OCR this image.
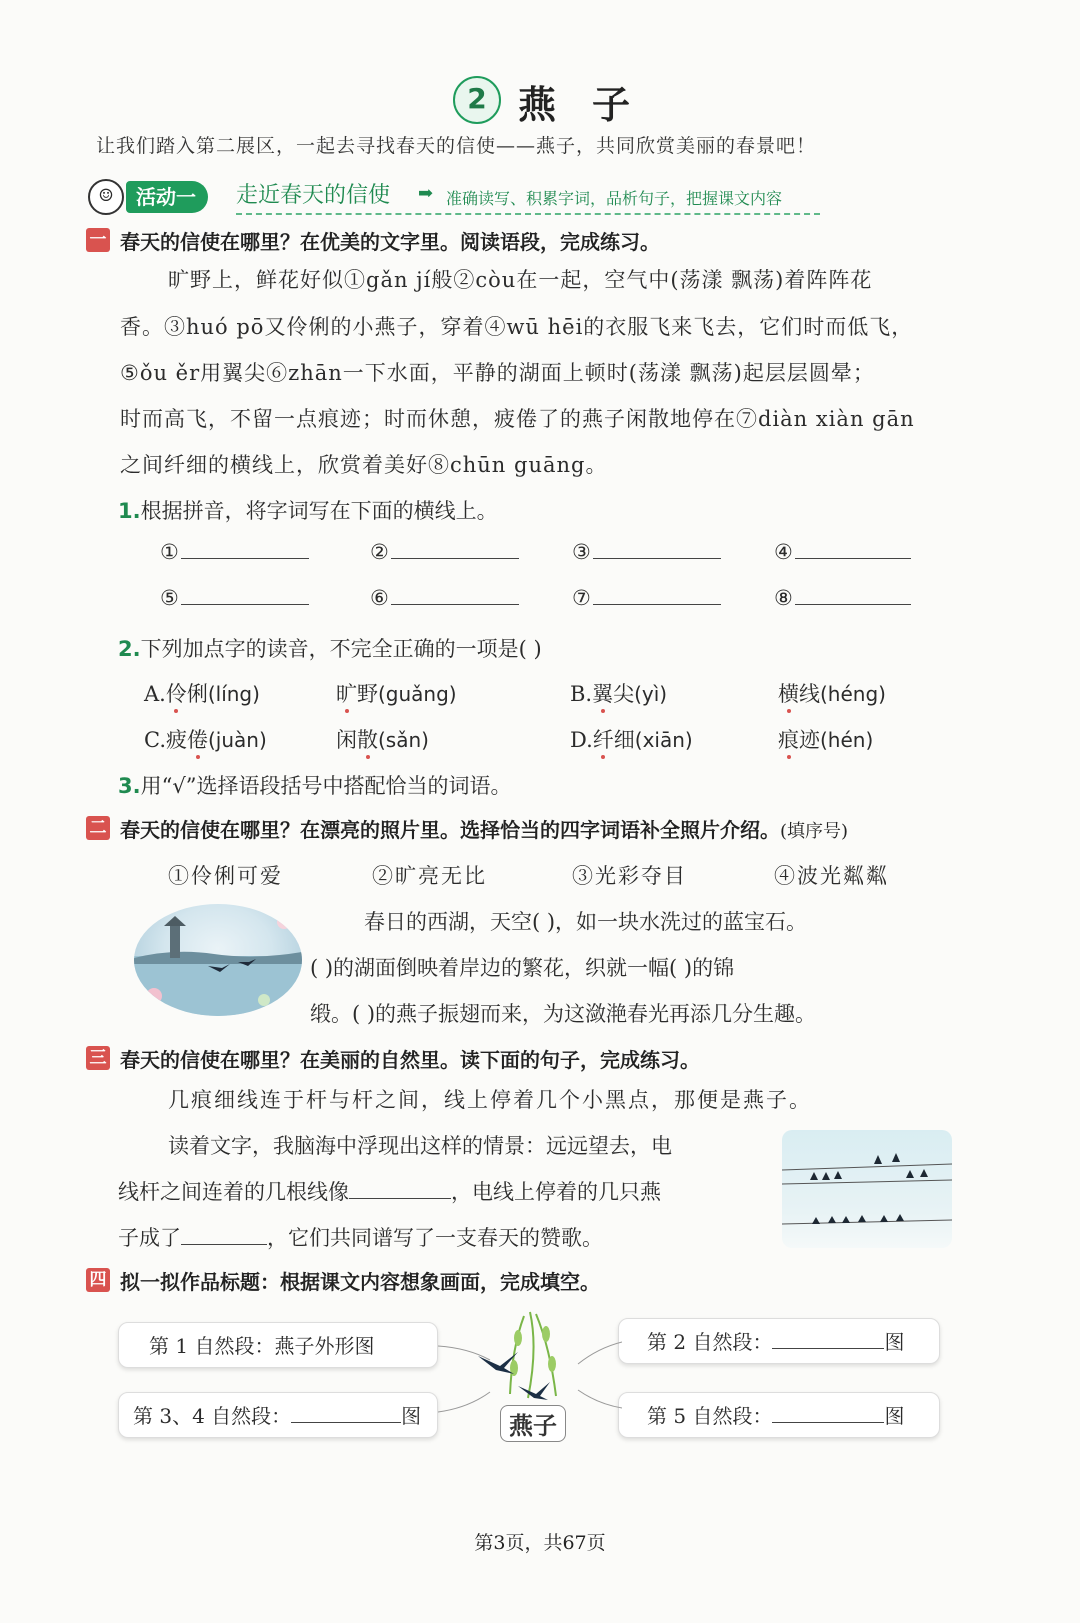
2 燕子
让我们踏入第二展区，一起去寻找春天的信使——燕子，共同欣赏美丽的春景吧！
☺	活动一	走近春天的信使 ➡ 准确读写、积累字词，品析句子，把握课文内容
一 春天的信使在哪里？在优美的文字里。阅读语段，完成练习。
旷野上，鲜花好似①gǎn jí般②còu在一起，空气中(荡漾 飘荡)着阵阵花
香。③huó pō又伶俐的小燕子，穿着④wū hēi的衣服飞来飞去，它们时而低飞，
⑤ǒu ěr用翼尖⑥zhān一下水面，平静的湖面上顿时(荡漾 飘荡)起层层圆晕；
时而高飞，不留一点痕迹；时而休憩，疲倦了的燕子闲散地停在⑦diàn xiàn gān
之间纤细的横线上，欣赏着美好⑧chūn guāng。
1.根据拼音，将字词写在下面的横线上。
①	②	③	④
⑤	⑥	⑦	⑧
2.下列加点字的读音，不完全正确的一项是( )
A.伶俐(líng)	旷野(guǎng)	B.翼尖(yì)	横线(héng)
C.疲倦(juàn)	闲散(sǎn)	D.纤细(xiān)	痕迹(hén)
3.用“√”选择语段括号中搭配恰当的词语。
二 春天的信使在哪里？在漂亮的照片里。选择恰当的四字词语补全照片介绍。(填序号)
①伶俐可爱	②旷亮无比	③光彩夺目	④波光粼粼
春日的西湖，天空( )，如一块水洗过的蓝宝石。
( )的湖面倒映着岸边的繁花，织就一幅( )的锦
缎。( )的燕子振翅而来，为这潋滟春光再添几分生趣。
三 春天的信使在哪里？在美丽的自然里。读下面的句子，完成练习。
几痕细线连于杆与杆之间，线上停着几个小黑点，那便是燕子。
读着文字，我脑海中浮现出这样的情景：远远望去，电
线杆之间连着的几根线像	，电线上停着的几只燕
子成了	，它们共同谱写了一支春天的赞歌。
四 拟一拟作品标题：根据课文内容想象画面，完成填空。
第 1 自然段：燕子外形图	第 2 自然段：	图
第 3、4 自然段：	图	第 5 自然段：	图
燕子
第3页，共67页
